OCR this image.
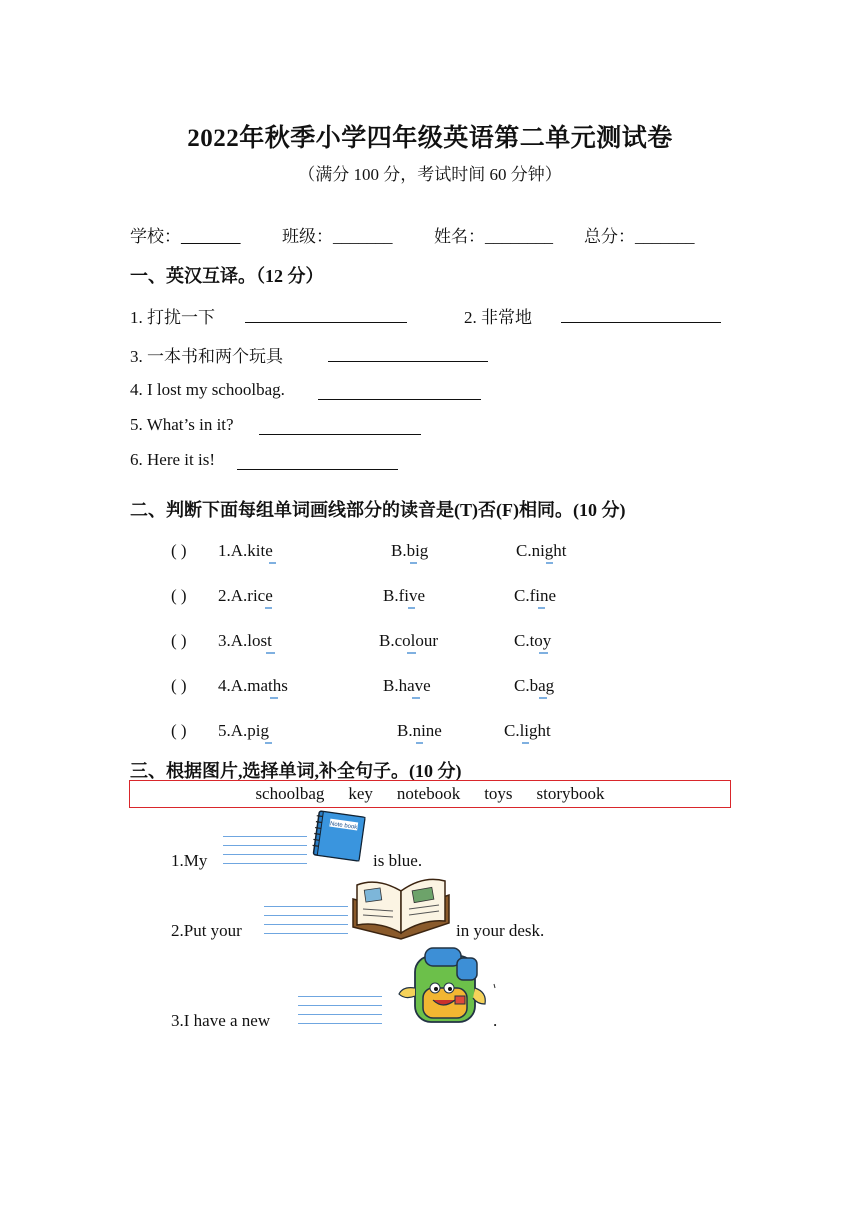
2022年秋季小学四年级英语第二单元测试卷
（满分 100 分，考试时间 60 分钟）
学校：_______ 班级：_______ 姓名：________ 总分：_______
一、英汉互译。（12 分）
1. 打扰一下	2. 非常地
3. 一本书和两个玩具
4. I lost my schoolbag.
5. What’s in it?
6. Here it is!
二、判断下面每组单词画线部分的读音是(T)否(F)相同。(10 分)
( ) 1.A.kite	B.big	C.night
( ) 2.A.rice	B.five	C.fine
( ) 3.A.lost	B.colour	C.toy
( ) 4.A.maths	B.have	C.bag
( ) 5.A.pig	B.nine	C.light
三、根据图片,选择单词,补全句子。(10 分)
schoolbag key notebook toys storybook
1.My
Note book
is blue.
2.Put your	in your desk.
3.I have a new	.
